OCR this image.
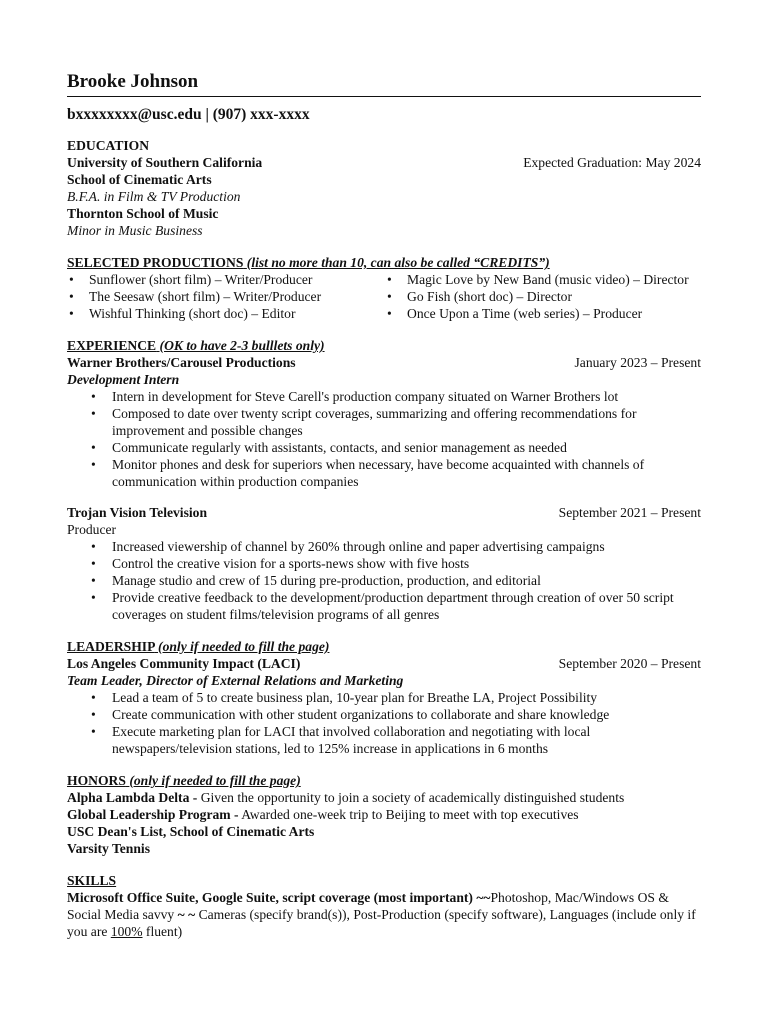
Brooke Johnson
bxxxxxxxx@usc.edu | (907) xxx-xxxx
EDUCATION
University of Southern California	Expected Graduation: May 2024
School of Cinematic Arts
B.F.A. in Film & TV Production
Thornton School of Music
Minor in Music Business
SELECTED PRODUCTIONS (list no more than 10, can also be called “CREDITS”)
• Sunflower (short film) – Writer/Producer
• The Seesaw (short film) – Writer/Producer
• Wishful Thinking (short doc) – Editor
• Magic Love by New Band (music video) – Director
• Go Fish (short doc) – Director
• Once Upon a Time (web series) – Producer
EXPERIENCE (OK to have 2-3 bulllets only)
Warner Brothers/Carousel Productions	January 2023 – Present
Development Intern
• Intern in development for Steve Carell's production company situated on Warner Brothers lot
• Composed to date over twenty script coverages, summarizing and offering recommendations for improvement and possible changes
• Communicate regularly with assistants, contacts, and senior management as needed
• Monitor phones and desk for superiors when necessary, have become acquainted with channels of communication within production companies
Trojan Vision Television	September 2021 – Present
Producer
• Increased viewership of channel by 260% through online and paper advertising campaigns
• Control the creative vision for a sports-news show with five hosts
• Manage studio and crew of 15 during pre-production, production, and editorial
• Provide creative feedback to the development/production department through creation of over 50 script coverages on student films/television programs of all genres
LEADERSHIP (only if needed to fill the page)
Los Angeles Community Impact (LACI)	September 2020 – Present
Team Leader, Director of External Relations and Marketing
• Lead a team of 5 to create business plan, 10-year plan for Breathe LA, Project Possibility
• Create communication with other student organizations to collaborate and share knowledge
• Execute marketing plan for LACI that involved collaboration and negotiating with local newspapers/television stations, led to 125% increase in applications in 6 months
HONORS (only if needed to fill the page)
Alpha Lambda Delta - Given the opportunity to join a society of academically distinguished students
Global Leadership Program - Awarded one-week trip to Beijing to meet with top executives
USC Dean's List, School of Cinematic Arts
Varsity Tennis
SKILLS
Microsoft Office Suite, Google Suite, script coverage (most important) ~~Photoshop, Mac/Windows OS & Social Media savvy ~ ~ Cameras (specify brand(s)), Post-Production (specify software), Languages (include only if you are 100% fluent)
